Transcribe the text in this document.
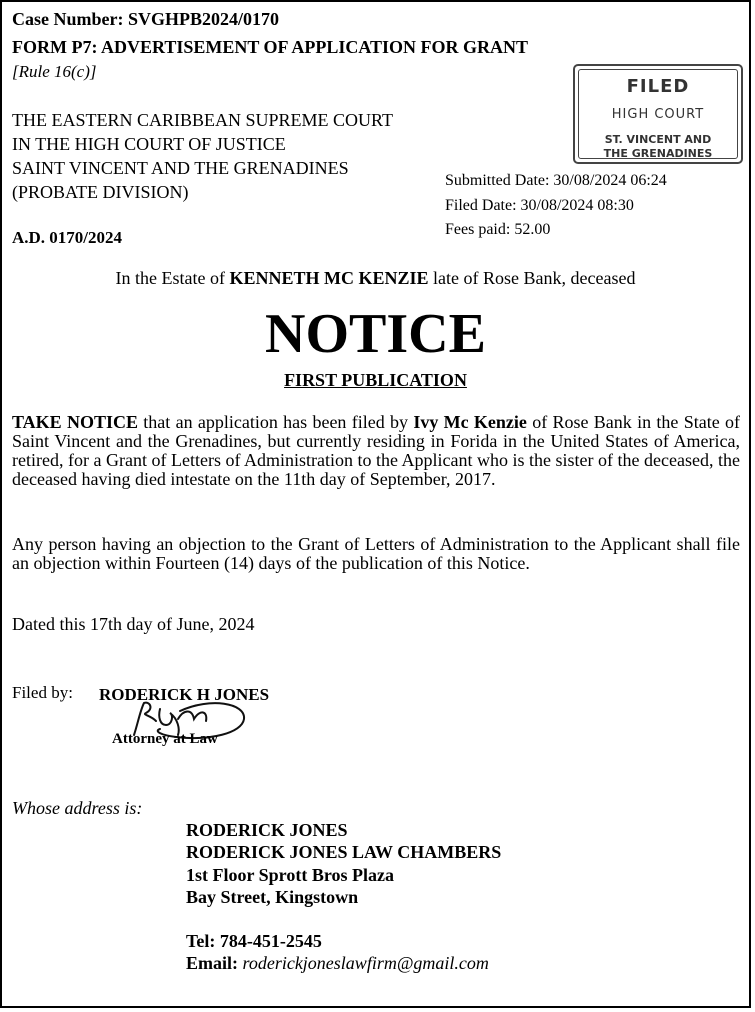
Case Number: SVGHPB2024/0170
FORM P7: ADVERTISEMENT OF APPLICATION FOR GRANT
[Rule 16(c)]
THE EASTERN CARIBBEAN SUPREME COURT
IN THE HIGH COURT OF JUSTICE
SAINT VINCENT AND THE GRENADINES
(PROBATE DIVISION)
A.D. 0170/2024
FILED
HIGH COURT
ST. VINCENT AND
THE GRENADINES
Submitted Date: 30/08/2024 06:24
Filed Date: 30/08/2024 08:30
Fees paid: 52.00
In the Estate of KENNETH MC KENZIE late of Rose Bank, deceased
NOTICE
FIRST PUBLICATION
TAKE NOTICE that an application has been filed by Ivy Mc Kenzie of Rose Bank in the State of Saint Vincent and the Grenadines, but currently residing in Forida in the United States of America, retired, for a Grant of Letters of Administration to the Applicant who is the sister of the deceased, the deceased having died intestate on the 11th day of September, 2017.
Any person having an objection to the Grant of Letters of Administration to the Applicant shall file an objection within Fourteen (14) days of the publication of this Notice.
Dated this 17th day of June, 2024
Filed by: RODERICK H JONES
Attorney at Law
Whose address is:
RODERICK JONES
RODERICK JONES LAW CHAMBERS
1st Floor Sprott Bros Plaza
Bay Street, Kingstown
Tel: 784-451-2545
Email: roderickjoneslawfirm@gmail.com
